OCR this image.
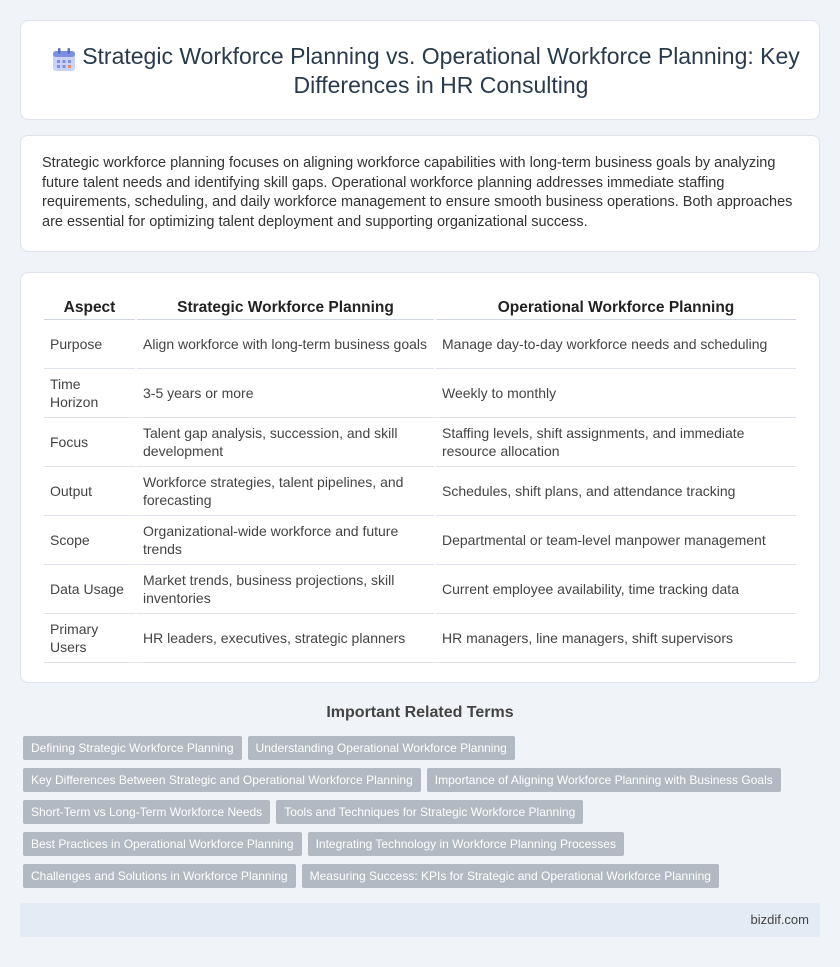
Strategic Workforce Planning vs. Operational Workforce Planning: Key Differences in HR Consulting

Strategic workforce planning focuses on aligning workforce capabilities with long-term business goals by analyzing future talent needs and identifying skill gaps. Operational workforce planning addresses immediate staffing requirements, scheduling, and daily workforce management to ensure smooth business operations. Both approaches are essential for optimizing talent deployment and supporting organizational success.

Aspect	Strategic Workforce Planning	Operational Workforce Planning
Purpose	Align workforce with long-term business goals	Manage day-to-day workforce needs and scheduling
Time Horizon	3-5 years or more	Weekly to monthly
Focus	Talent gap analysis, succession, and skill development	Staffing levels, shift assignments, and immediate resource allocation
Output	Workforce strategies, talent pipelines, and forecasting	Schedules, shift plans, and attendance tracking
Scope	Organizational-wide workforce and future trends	Departmental or team-level manpower management
Data Usage	Market trends, business projections, skill inventories	Current employee availability, time tracking data
Primary Users	HR leaders, executives, strategic planners	HR managers, line managers, shift supervisors
Important Related Terms
Defining Strategic Workforce Planning	Understanding Operational Workforce Planning
Key Differences Between Strategic and Operational Workforce Planning	Importance of Aligning Workforce Planning with Business Goals
Short-Term vs Long-Term Workforce Needs	Tools and Techniques for Strategic Workforce Planning
Best Practices in Operational Workforce Planning	Integrating Technology in Workforce Planning Processes
Challenges and Solutions in Workforce Planning	Measuring Success: KPIs for Strategic and Operational Workforce Planning
bizdif.com
